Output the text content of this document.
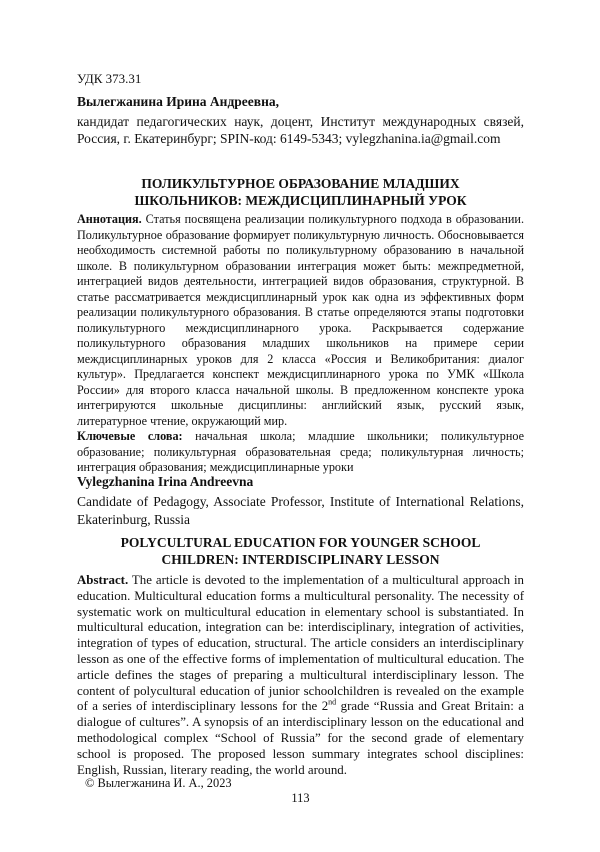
УДК 373.31
Вылегжанина Ирина Андреевна,
кандидат педагогических наук, доцент, Институт международных связей, Россия, г. Екатеринбург; SPIN-код: 6149-5343; vylegzhanina.ia@gmail.com
ПОЛИКУЛЬТУРНОЕ ОБРАЗОВАНИЕ МЛАДШИХ
ШКОЛЬНИКОВ: МЕЖДИСЦИПЛИНАРНЫЙ УРОК

Аннотация. Статья посвящена реализации поликультурного подхода в образовании. Поликультурное образование формирует поликультурную личность. Обосновывается необходимость системной работы по поликультурному образованию в начальной школе. В поликультурном образовании интеграция может быть: межпредметной, интеграцией видов деятельности, интеграцией видов образования, структурной. В статье рассматривается междисциплинарный урок как одна из эффективных форм реализации поликультурного образования. В статье определяются этапы подготовки поликультурного междисциплинарного урока. Раскрывается содержание поликультурного образования младших школьников на примере серии междисциплинарных уроков для 2 класса «Россия и Великобритания: диалог культур». Предлагается конспект междисциплинарного урока по УМК «Школа России» для второго класса начальной школы. В предложенном конспекте урока интегрируются школьные дисциплины: английский язык, русский язык, литературное чтение, окружающий мир.

Ключевые слова: начальная школа; младшие школьники; поликультурное образование; поликультурная образовательная среда; поликультурная личность; интеграция образования; междисциплинарные уроки

Vylegzhanina Irina Andreevna
Candidate of Pedagogy, Associate Professor, Institute of International Relations, Ekaterinburg, Russia
POLYCULTURAL EDUCATION FOR YOUNGER SCHOOL
CHILDREN: INTERDISCIPLINARY LESSON
Abstract. The article is devoted to the implementation of a multicultural approach in education. Multicultural education forms a multicultural personality. The necessity of systematic work on multicultural education in elementary school is substantiated. In multicultural education, integration can be: interdisciplinary, integration of activities, integration of types of education, structural. The article considers an interdisciplinary lesson as one of the effective forms of implementation of multicultural education. The article defines the stages of preparing a multicultural interdisciplinary lesson. The content of polycultural education of junior schoolchildren is revealed on the example of a series of interdisciplinary lessons for the 2nd grade “Russia and Great Britain: a dialogue of cultures”. A synopsis of an interdisciplinary lesson on the educational and methodological complex “School of Russia” for the second grade of elementary school is proposed. The proposed lesson summary integrates school disciplines: English, Russian, literary reading, the world around.
© Вылегжанина И. А., 2023
113
